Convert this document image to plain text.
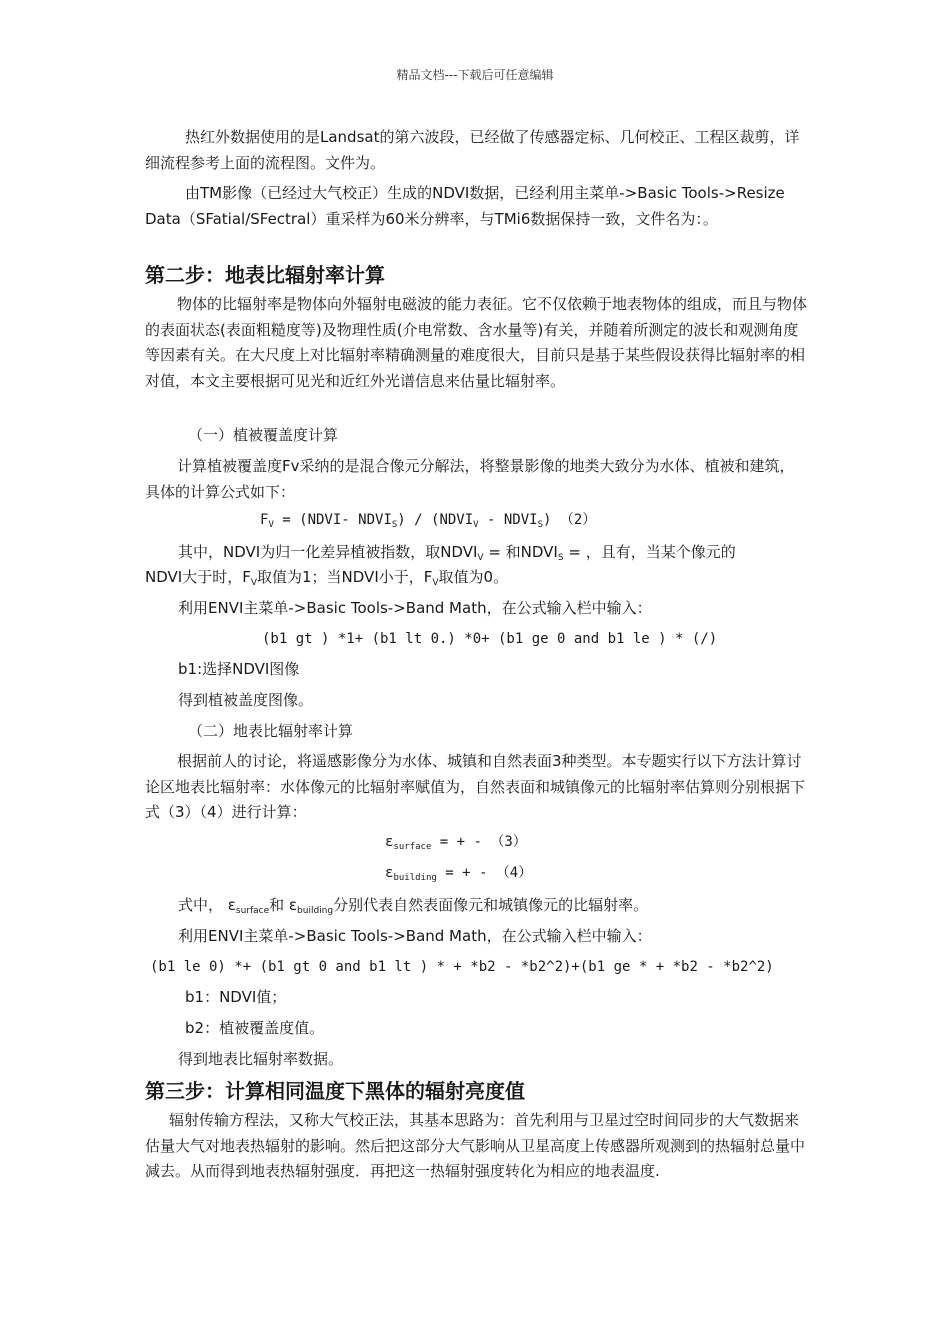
精品文档---下载后可任意编辑

热红外数据使用的是Landsat的第六波段，已经做了传感器定标、几何校正、工程区裁剪，详细流程参考上面的流程图。文件为。

由TM影像（已经过大气校正）生成的NDVI数据，已经利用主菜单->Basic Tools->Resize Data（SFatial/SFectral）重采样为60米分辨率，与TMi6数据保持一致，文件名为：。

第二步：地表比辐射率计算

物体的比辐射率是物体向外辐射电磁波的能力表征。它不仅依赖于地表物体的组成，而且与物体的表面状态(表面粗糙度等)及物理性质(介电常数、含水量等)有关，并随着所测定的波长和观测角度等因素有关。在大尺度上对比辐射率精确测量的难度很大，目前只是基于某些假设获得比辐射率的相对值，本文主要根据可见光和近红外光谱信息来估量比辐射率。

（一）植被覆盖度计算

计算植被覆盖度Fv采纳的是混合像元分解法，将整景影像的地类大致分为水体、植被和建筑，具体的计算公式如下：

$F_V$ = (NDVI- $NDVI_S$) / ($NDVI_V$ - $NDVI_S$) （2）
其中，NDVI为归一化差异植被指数，取$NDVI_V$ = 和$NDVI_S$ = ，且有，当某个像元的
NDVI大于时，$F_V$取值为1；当NDVI小于，$F_V$取值为0。
利用ENVI主菜单->Basic Tools->Band Math，在公式输入栏中输入：
(b1 gt ) *1+ (b1 lt 0.) *0+ (b1 ge 0 and b1 le ) * (/)
b1:选择NDVI图像
得到植被盖度图像。
（二）地表比辐射率计算

根据前人的讨论，将遥感影像分为水体、城镇和自然表面3种类型。本专题实行以下方法计算讨论区地表比辐射率：水体像元的比辐射率赋值为，自然表面和城镇像元的比辐射率估算则分别根据下式（3）（4）进行计算：

$\varepsilon_{surface}$ = + - （3）
$\varepsilon_{building}$ = + - （4）
式中， $\varepsilon_{surface}$和 $\varepsilon_{building}$分别代表自然表面像元和城镇像元的比辐射率。
利用ENVI主菜单->Basic Tools->Band Math，在公式输入栏中输入：
(b1 le 0) *+ (b1 gt 0 and b1 lt ) * + *b2 - *b2^2)+(b1 ge * + *b2 - *b2^2)
b1：NDVI值；
b2：植被覆盖度值。
得到地表比辐射率数据。
第三步：计算相同温度下黑体的辐射亮度值

辐射传输方程法，又称大气校正法，其基本思路为：首先利用与卫星过空时间同步的大气数据来估量大气对地表热辐射的影响。然后把这部分大气影响从卫星高度上传感器所观测到的热辐射总量中减去。从而得到地表热辐射强度．再把这一热辐射强度转化为相应的地表温度.
